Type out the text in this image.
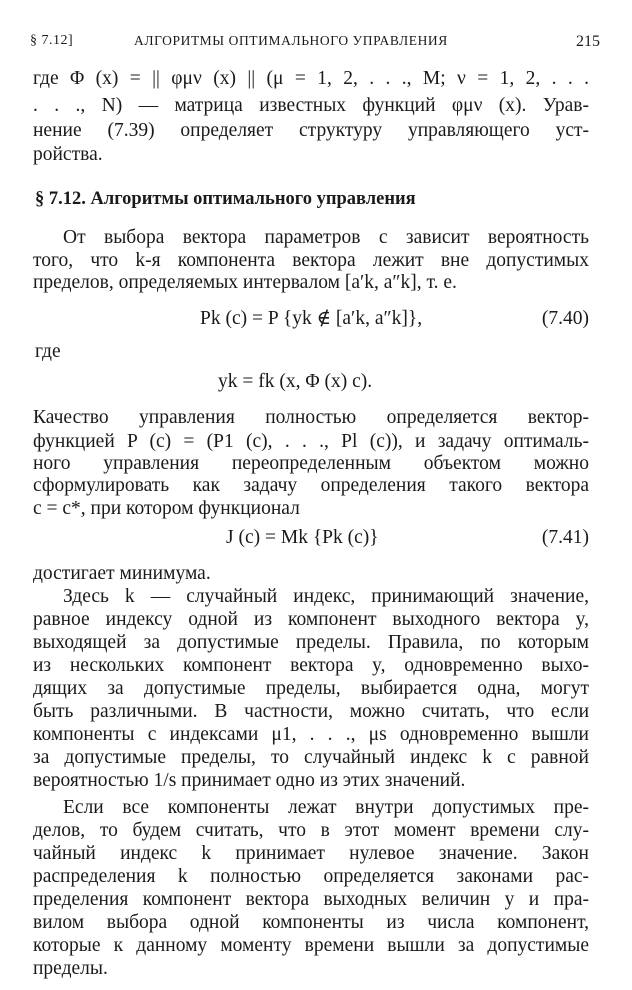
§ 7.12]	АЛГОРИТМЫ ОПТИМАЛЬНОГО УПРАВЛЕНИЯ	215
где Φ (x) = || φμν (x) || (μ = 1, 2, . . ., M; ν = 1, 2, . . .
. . ., N) — матрица известных функций φμν (x). Урав-
нение (7.39) определяет структуру управляющего уст-
ройства.
§ 7.12. Алгоритмы оптимального управления
От выбора вектора параметров c зависит вероятность
того, что k-я компонента вектора лежит вне допустимых
пределов, определяемых интервалом [a′k, a″k], т. е.
Pk (c) = P {yk ∉ [a′k, a″k]},	(7.40)
где
yk = fk (x, Φ (x) c).
Качество управления полностью определяется вектор-
функцией P (c) = (P1 (c), . . ., Pl (c)), и задачу оптималь-
ного управления переопределенным объектом можно
сформулировать как задачу определения такого вектора
c = c*, при котором функционал
J (c) = Mk {Pk (c)}	(7.41)
достигает минимума.
Здесь k — случайный индекс, принимающий значение,
равное индексу одной из компонент выходного вектора y,
выходящей за допустимые пределы. Правила, по которым
из нескольких компонент вектора y, одновременно выхо-
дящих за допустимые пределы, выбирается одна, могут
быть различными. В частности, можно считать, что если
компоненты с индексами μ1, . . ., μs одновременно вышли
за допустимые пределы, то случайный индекс k с равной
вероятностью 1/s принимает одно из этих значений.
Если все компоненты лежат внутри допустимых пре-
делов, то будем считать, что в этот момент времени слу-
чайный индекс k принимает нулевое значение. Закон
распределения k полностью определяется законами рас-
пределения компонент вектора выходных величин y и пра-
вилом выбора одной компоненты из числа компонент,
которые к данному моменту времени вышли за допустимые
пределы.
